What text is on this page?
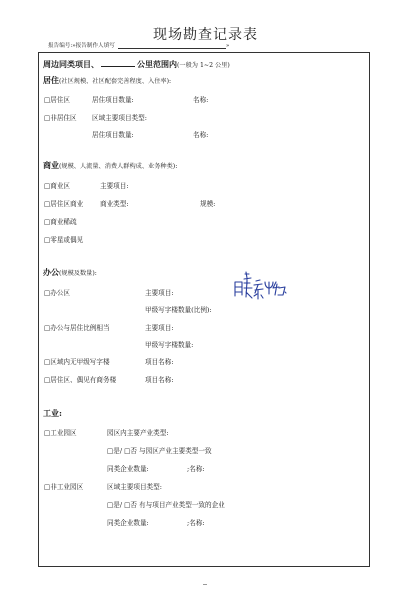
现场勘查记录表
报告编号:»报告制作人填写	»
周边同类项目、	公里范围内(一般为 1~2 公里)
居住(社区规模、社区配套完善程度、入住率):
□居住区	居住项目数量:	名称:
□非居住区 区域主要项目类型:
居住项目数量:	名称:
商业(规模、人流量、消费人群构成、业务种类):
□商业区	主要项目:
□居住区商业	商业类型:	规模:
□商业稀疏
□零星或偶见
办公(规模及数量):
□办公区	主要项目:
甲级写字楼数量(比例):
□办公与居住比例相当	主要项目:
甲级写字楼数量:
□区域内无甲级写字楼	项目名称:
□居住区、偶见有商务楼	项目名称:
工业:
□工业园区	园区内主要产业类型:
□是/ □否 与园区产业主要类型一致
同类企业数量:	;名称:
□非工业园区	区域主要项目类型:
□是/ □否 有与项目产业类型一致的企业
同类企业数量:	;名称:
